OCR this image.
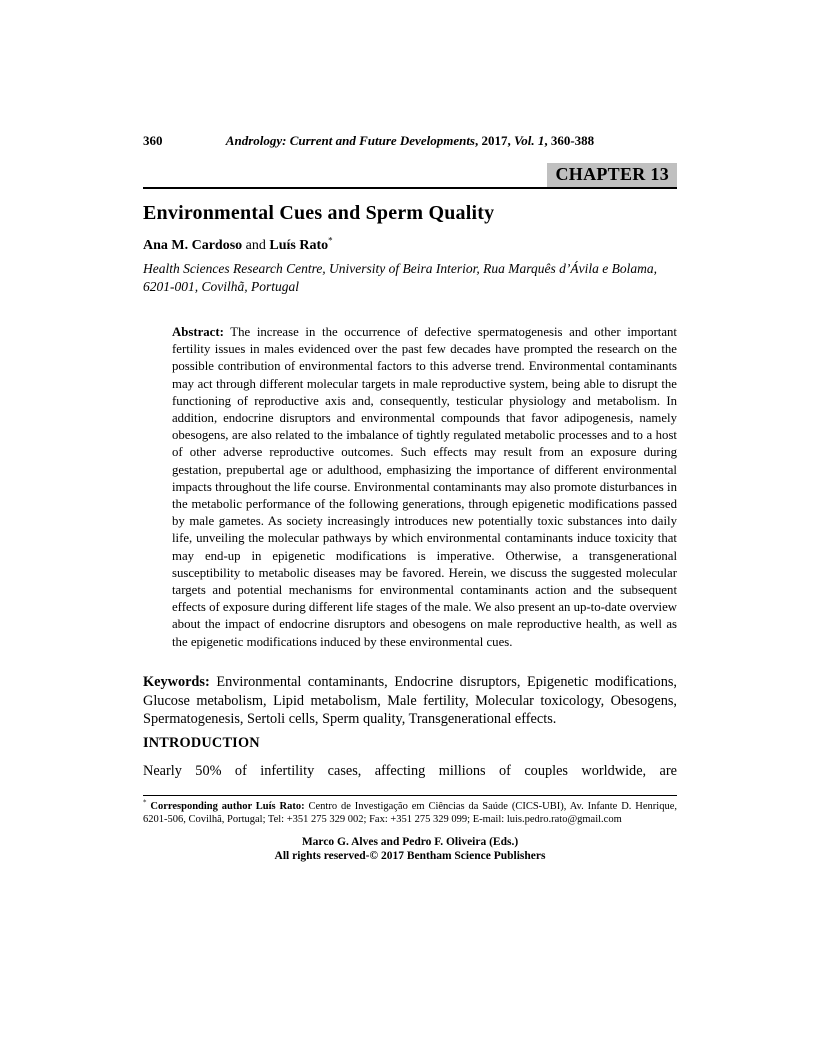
360	Andrology: Current and Future Developments, 2017, Vol. 1, 360-388
CHAPTER 13
Environmental Cues and Sperm Quality
Ana M. Cardoso and Luís Rato*
Health Sciences Research Centre, University of Beira Interior, Rua Marquês d’Ávila e Bolama, 6201-001, Covilhã, Portugal
Abstract: The increase in the occurrence of defective spermatogenesis and other important fertility issues in males evidenced over the past few decades have prompted the research on the possible contribution of environmental factors to this adverse trend. Environmental contaminants may act through different molecular targets in male reproductive system, being able to disrupt the functioning of reproductive axis and, consequently, testicular physiology and metabolism. In addition, endocrine disruptors and environmental compounds that favor adipogenesis, namely obesogens, are also related to the imbalance of tightly regulated metabolic processes and to a host of other adverse reproductive outcomes. Such effects may result from an exposure during gestation, prepubertal age or adulthood, emphasizing the importance of different environmental impacts throughout the life course. Environmental contaminants may also promote disturbances in the metabolic performance of the following generations, through epigenetic modifications passed by male gametes. As society increasingly introduces new potentially toxic substances into daily life, unveiling the molecular pathways by which environmental contaminants induce toxicity that may end-up in epigenetic modifications is imperative. Otherwise, a transgenerational susceptibility to metabolic diseases may be favored. Herein, we discuss the suggested molecular targets and potential mechanisms for environmental contaminants action and the subsequent effects of exposure during different life stages of the male. We also present an up-to-date overview about the impact of endocrine disruptors and obesogens on male reproductive health, as well as the epigenetic modifications induced by these environmental cues.
Keywords: Environmental contaminants, Endocrine disruptors, Epigenetic modifications, Glucose metabolism, Lipid metabolism, Male fertility, Molecular toxicology, Obesogens, Spermatogenesis, Sertoli cells, Sperm quality, Transgenerational effects.
INTRODUCTION
Nearly 50% of infertility cases, affecting millions of couples worldwide, are
* Corresponding author Luís Rato: Centro de Investigação em Ciências da Saúde (CICS-UBI), Av. Infante D. Henrique, 6201-506, Covilhã, Portugal; Tel: +351 275 329 002; Fax: +351 275 329 099; E-mail: luis.pedro.rato@gmail.com
Marco G. Alves and Pedro F. Oliveira (Eds.)
All rights reserved-© 2017 Bentham Science Publishers
